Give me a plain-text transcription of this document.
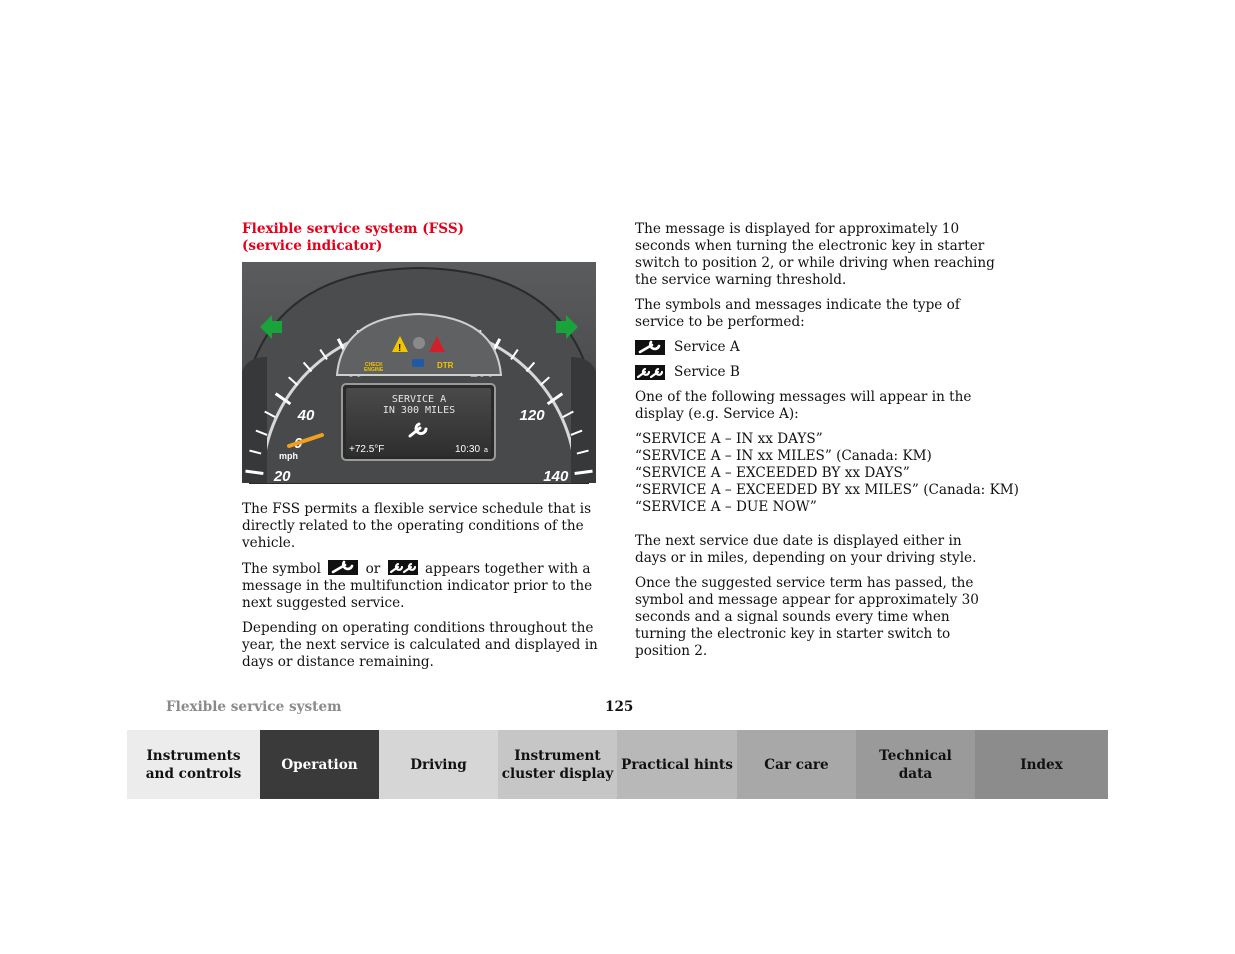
Flexible service system (FSS)
(service indicator)
20
40	120
140
160
mph
!
CHECK
ENGINE	DTR
SERVICE A
IN 300 MILES
+72.5°F	10:30 a

The FSS permits a flexible service schedule that is directly related to the operating conditions of the vehicle.

The symbol	or	appears together with a message in the multifunction indicator prior to the next suggested service.

Depending on operating conditions throughout the year, the next service is calculated and displayed in days or distance remaining.

The message is displayed for approximately 10 seconds when turning the electronic key in starter switch to position 2, or while driving when reaching the service warning threshold.

The symbols and messages indicate the type of service to be performed:

Service A
Service B

One of the following messages will appear in the display (e.g. Service A):

“SERVICE A – IN xx DAYS”
“SERVICE A – IN xx MILES” (Canada: KM)
“SERVICE A – EXCEEDED BY xx DAYS”
“SERVICE A – EXCEEDED BY xx MILES” (Canada: KM)
“SERVICE A – DUE NOW”

The next service due date is displayed either in days or in miles, depending on your driving style.

Once the suggested service term has passed, the symbol and message appear for approximately 30 seconds and a signal sounds every time when turning the electronic key in starter switch to position 2.

Flexible service system	125
Instruments
and controls
Operation	Driving
Instrument
cluster display
Practical hints	Car care
Technical
data
Index
